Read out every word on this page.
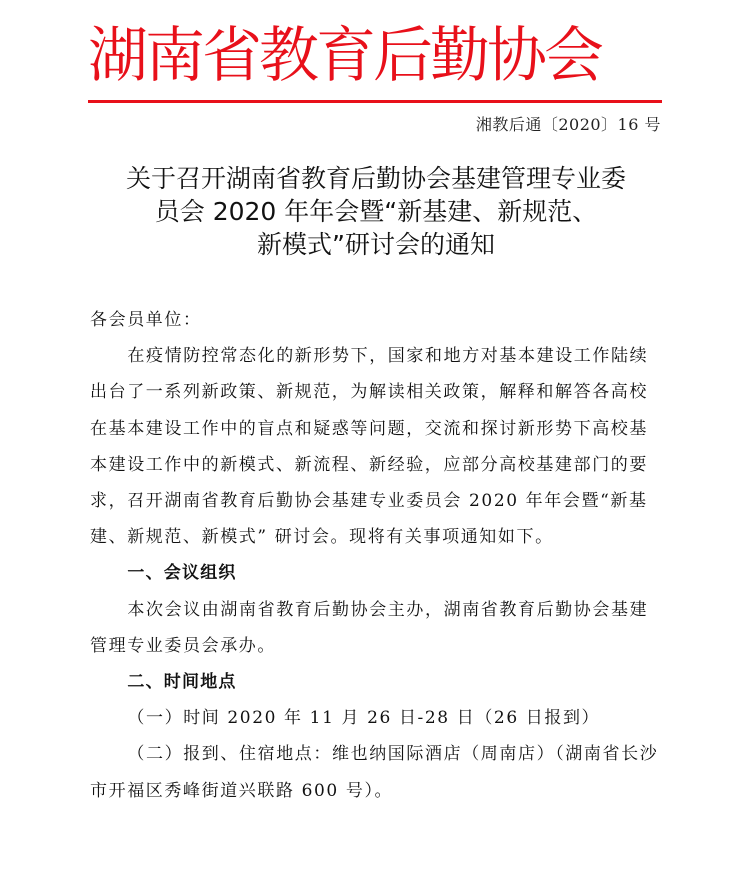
湖南省教育后勤协会
湘教后通〔2020〕16 号
关于召开湖南省教育后勤协会基建管理专业委
员会 2020 年年会暨“新基建、新规范、
新模式”研讨会的通知

各会员单位：

在疫情防控常态化的新形势下，国家和地方对基本建设工作陆续出台了一系列新政策、新规范，为解读相关政策，解释和解答各高校在基本建设工作中的盲点和疑惑等问题，交流和探讨新形势下高校基本建设工作中的新模式、新流程、新经验，应部分高校基建部门的要求，召开湖南省教育后勤协会基建专业委员会 2020 年年会暨“新基建、新规范、新模式” 研讨会。现将有关事项通知如下。

一、会议组织

本次会议由湖南省教育后勤协会主办，湖南省教育后勤协会基建管理专业委员会承办。

二、时间地点

（一）时间 2020 年 11 月 26 日-28 日（26 日报到）

（二）报到、住宿地点：维也纳国际酒店（周南店）（湖南省长沙市开福区秀峰街道兴联路 600 号）。
